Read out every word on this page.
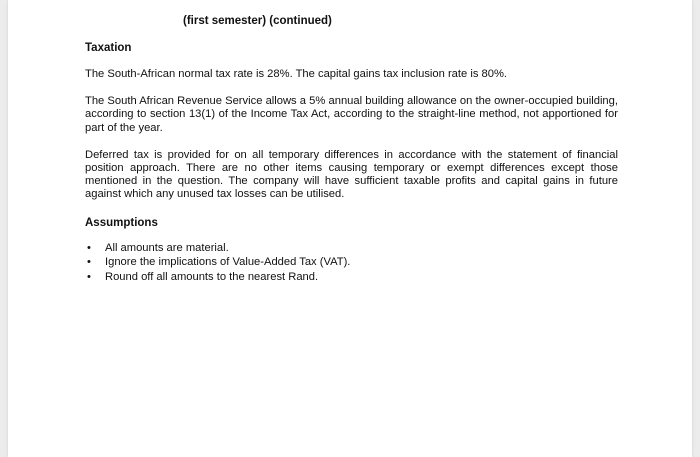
(first semester) (continued)
Taxation

The South-African normal tax rate is 28%. The capital gains tax inclusion rate is 80%.

The South African Revenue Service allows a 5% annual building allowance on the owner-occupied building, according to section 13(1) of the Income Tax Act, according to the straight-line method, not apportioned for part of the year.

Deferred tax is provided for on all temporary differences in accordance with the statement of financial position approach. There are no other items causing temporary or exempt differences except those mentioned in the question. The company will have sufficient taxable profits and capital gains in future against which any unused tax losses can be utilised.

Assumptions
• All amounts are material.
• Ignore the implications of Value-Added Tax (VAT).
• Round off all amounts to the nearest Rand.
